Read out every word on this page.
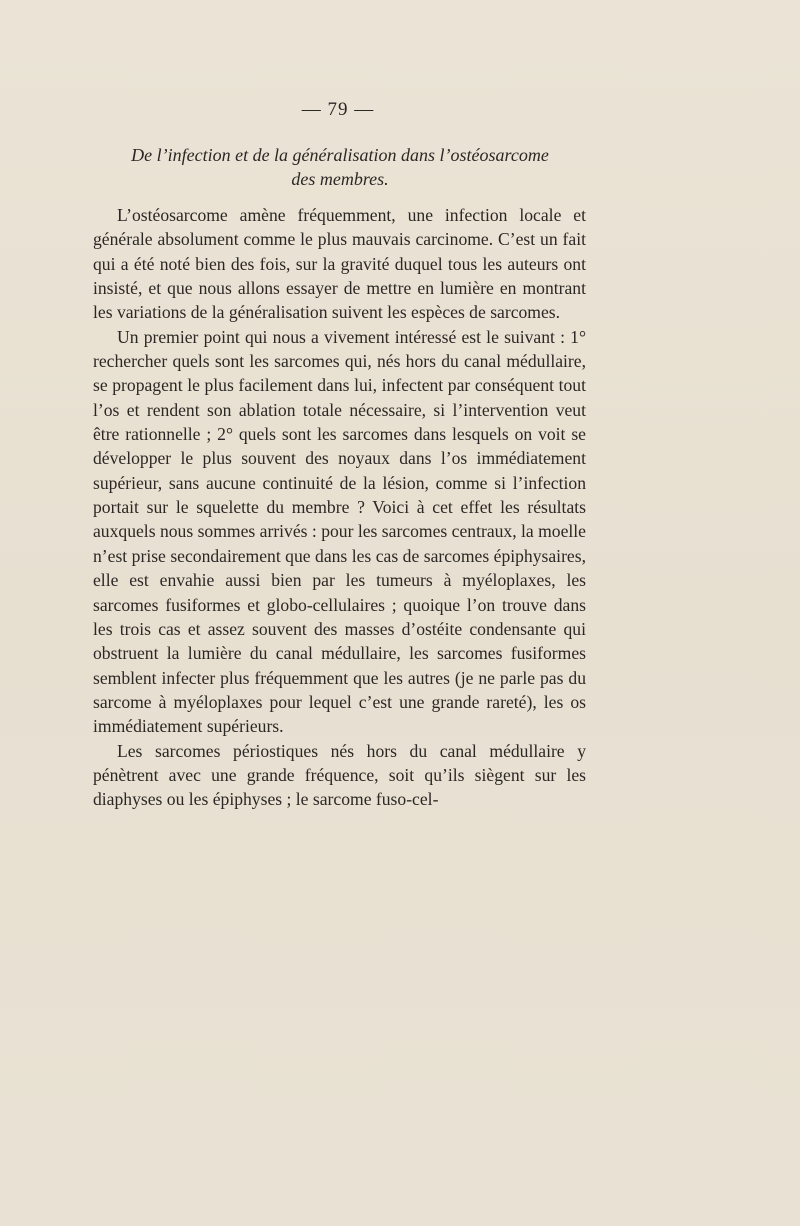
— 79 —
De l’infection et de la généralisation dans l’ostéosarcome
des membres.

L’ostéosarcome amène fréquemment, une infection locale et générale absolument comme le plus mauvais carcinome. C’est un fait qui a été noté bien des fois, sur la gravité duquel tous les auteurs ont insisté, et que nous allons essayer de mettre en lumière en montrant les variations de la généralisation suivent les espèces de sarcomes.

Un premier point qui nous a vivement intéressé est le suivant : 1° rechercher quels sont les sarcomes qui, nés hors du canal médullaire, se propagent le plus facilement dans lui, infectent par conséquent tout l’os et rendent son ablation totale nécessaire, si l’intervention veut être rationnelle ; 2° quels sont les sarcomes dans lesquels on voit se développer le plus souvent des noyaux dans l’os immédiatement supérieur, sans aucune continuité de la lésion, comme si l’infection portait sur le squelette du membre ? Voici à cet effet les résultats auxquels nous sommes arrivés : pour les sarcomes centraux, la moelle n’est prise secondairement que dans les cas de sarcomes épiphysaires, elle est envahie aussi bien par les tumeurs à myéloplaxes, les sarcomes fusiformes et globo-cellulaires ; quoique l’on trouve dans les trois cas et assez souvent des masses d’ostéite condensante qui obstruent la lumière du canal médullaire, les sarcomes fusiformes semblent infecter plus fréquemment que les autres (je ne parle pas du sarcome à myéloplaxes pour lequel c’est une grande rareté), les os immédiatement supérieurs.

Les sarcomes périostiques nés hors du canal médullaire y pénètrent avec une grande fréquence, soit qu’ils siègent sur les diaphyses ou les épiphyses ; le sarcome fuso-cel-
